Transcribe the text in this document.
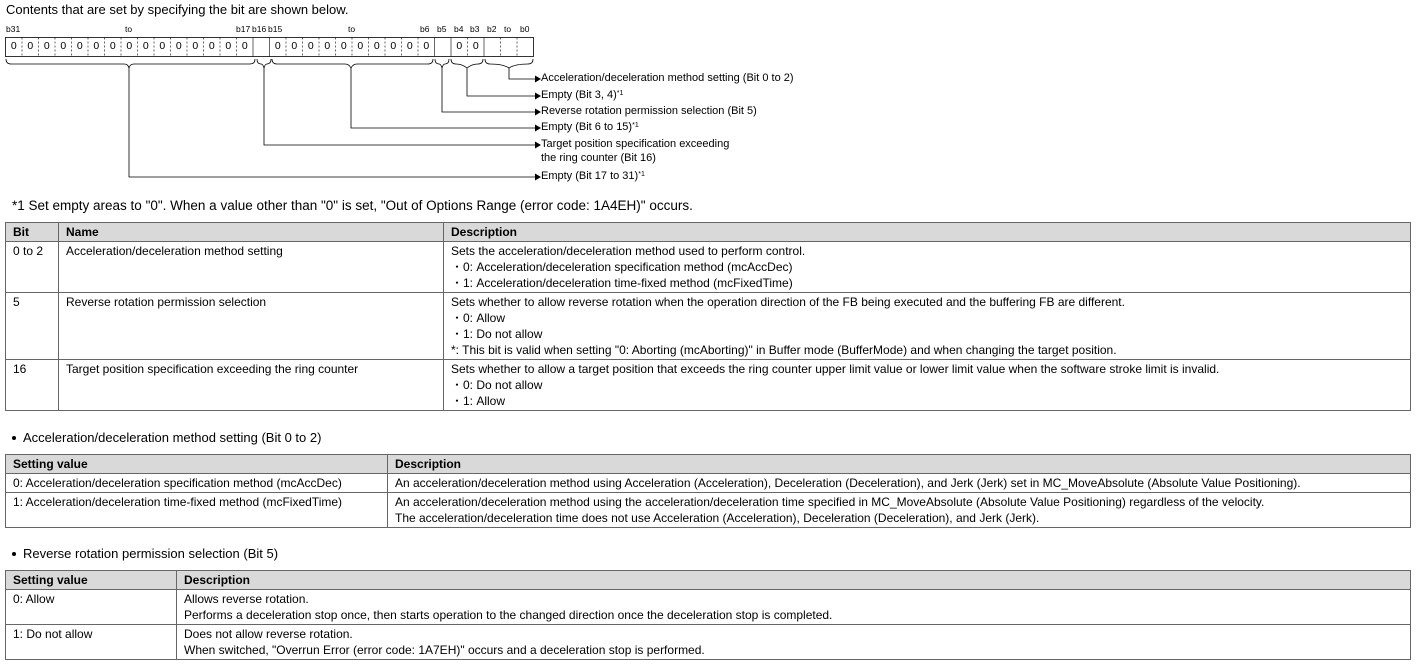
Contents that are set by specifying the bit are shown below.
b31	to	b17 b16 b15	to	b6 b5 b4 b3 b2 to b0
0	0	0	0	0	0	0	0	0	0	0	0	0	0	0	0	0	0	0	0	0	0	0	0	0	0	0
Acceleration/deceleration method setting (Bit 0 to 2)
Empty (Bit 3, 4)$^{*1}$
Reverse rotation permission selection (Bit 5)
Empty (Bit 6 to 15)$^{*1}$
Target position specification exceeding
the ring counter (Bit 16)
Empty (Bit 17 to 31)$^{*1}$
*1 Set empty areas to "0". When a value other than "0" is set, "Out of Options Range (error code: 1A4EH)" occurs.
Bit	Name	Description
0 to 2	Acceleration/deceleration method setting	Sets the acceleration/deceleration method used to perform control.
・0: Acceleration/deceleration specification method (mcAccDec)
・1: Acceleration/deceleration time-fixed method (mcFixedTime)

5	Reverse rotation permission selection	Sets whether to allow reverse rotation when the operation direction of the FB being executed and the buffering FB are different.
・0: Allow
・1: Do not allow
*: This bit is valid when setting "0: Aborting (mcAborting)" in Buffer mode (BufferMode) and when changing the target position.

16	Target position specification exceeding the ring counter	Sets whether to allow a target position that exceeds the ring counter upper limit value or lower limit value when the software stroke limit is invalid.
・0: Do not allow
・1: Allow
Acceleration/deceleration method setting (Bit 0 to 2)
Setting value	Description
0: Acceleration/deceleration specification method (mcAccDec)	An acceleration/deceleration method using Acceleration (Acceleration), Deceleration (Deceleration), and Jerk (Jerk) set in MC_MoveAbsolute (Absolute Value Positioning).

1: Acceleration/deceleration time-fixed method (mcFixedTime)	An acceleration/deceleration method using the acceleration/deceleration time specified in MC_MoveAbsolute (Absolute Value Positioning) regardless of the velocity.
The acceleration/deceleration time does not use Acceleration (Acceleration), Deceleration (Deceleration), and Jerk (Jerk).
Reverse rotation permission selection (Bit 5)
Setting value	Description
0: Allow	Allows reverse rotation.
Performs a deceleration stop once, then starts operation to the changed direction once the deceleration stop is completed.

1: Do not allow	Does not allow reverse rotation.
When switched, "Overrun Error (error code: 1A7EH)" occurs and a deceleration stop is performed.
